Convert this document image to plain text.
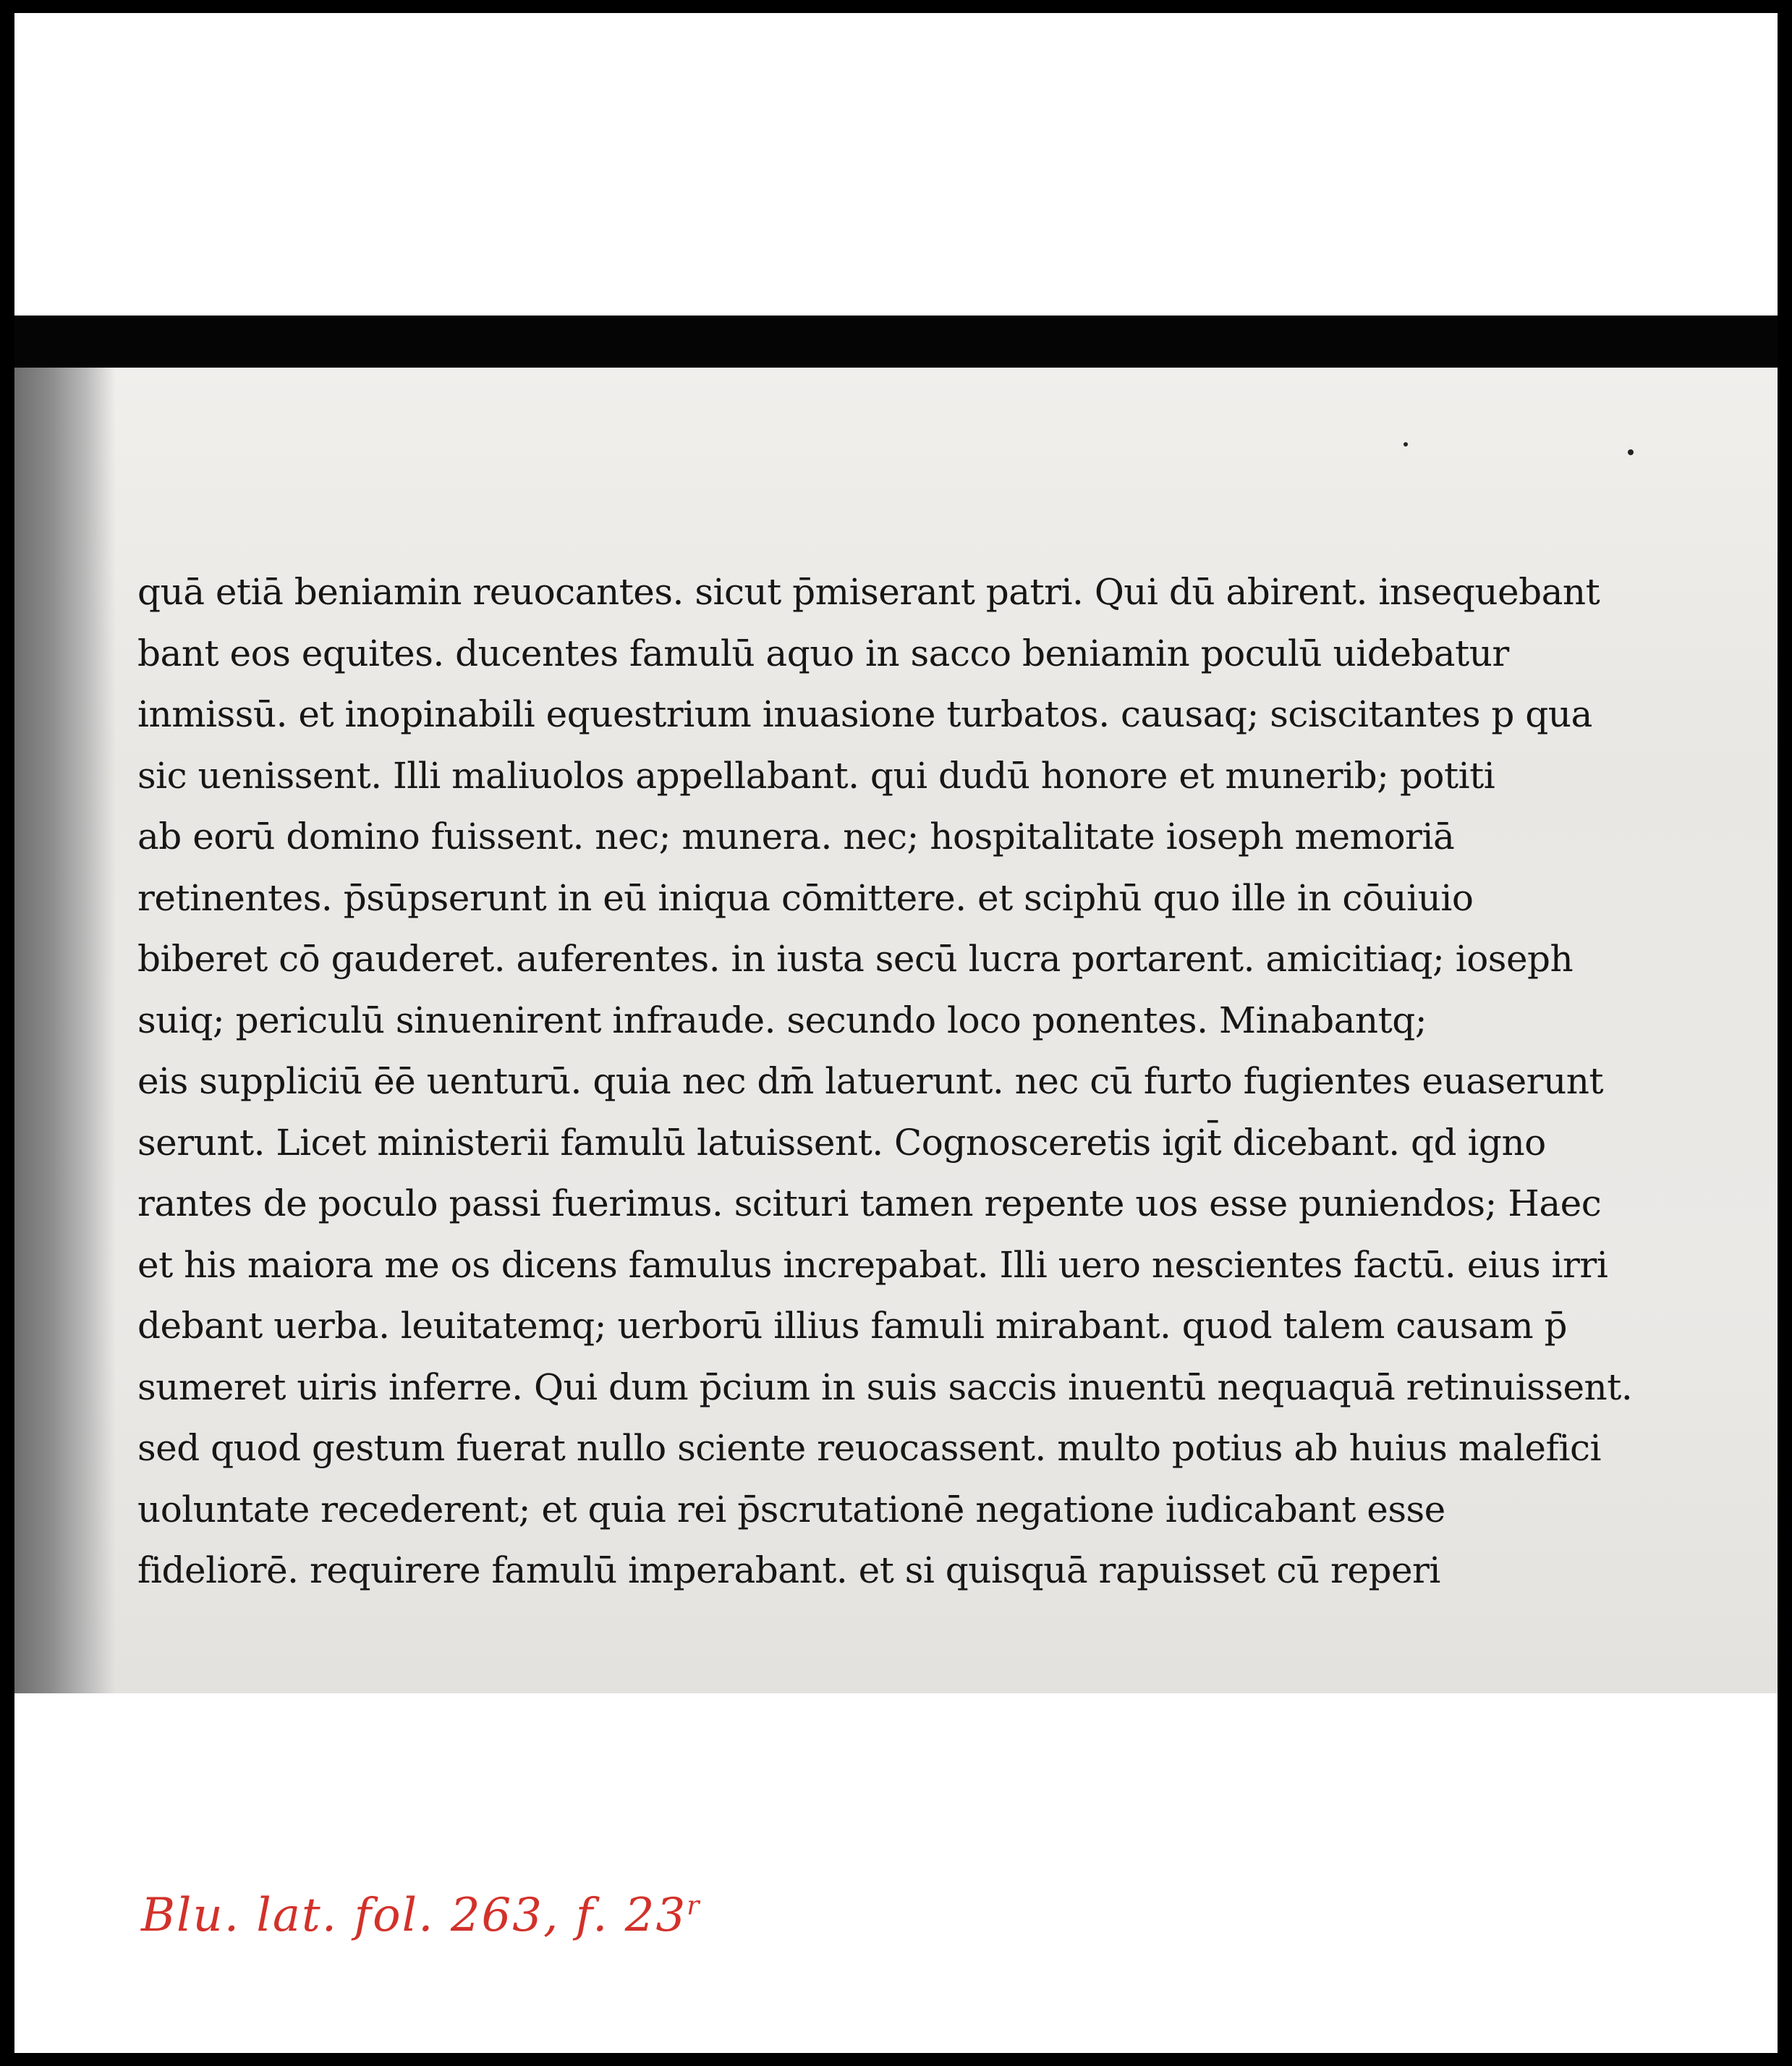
quā etiā beniamin reuocantes. sicut p̄miserant patri. Qui dū abirent. insequebant
bant eos equites. ducentes famulū aquo in sacco beniamin poculū uidebatur
inmissū. et inopinabili equestrium inuasione turbatos. causaq; sciscitantes p qua
sic uenissent. Illi maliuolos appellabant. qui dudū honore et munerib; potiti
ab eorū domino fuissent. nec; munera. nec; hospitalitate ioseph memoriā
retinentes. p̄sūpserunt in eū iniqua cōmittere. et sciphū quo ille in cōuiuio
biberet cō gauderet. auferentes. in iusta secū lucra portarent. amicitiaq; ioseph
suiq; periculū sinuenirent infraude. secundo loco ponentes. Minabantq;
eis suppliciū ēē uenturū. quia nec dm̄ latuerunt. nec cū furto fugientes euaserunt
serunt. Licet ministerii famulū latuissent. Cognosceretis igit̄ dicebant. qd igno
rantes de poculo passi fuerimus. scituri tamen repente uos esse puniendos; Haec
et his maiora me os dicens famulus increpabat. Illi uero nescientes factū. eius irri
debant uerba. leuitatemq; uerborū illius famuli mirabant. quod talem causam p̄
sumeret uiris inferre. Qui dum p̄cium in suis saccis inuentū nequaquā retinuissent.
sed quod gestum fuerat nullo sciente reuocassent. multo potius ab huius malefici
uoluntate recederent; et quia rei p̄scrutationē negatione iudicabant esse
fideliorē. requirere famulū imperabant. et si quisquā rapuisset cū reperi
Blu. lat. fol. 263, f. 23$^r$
